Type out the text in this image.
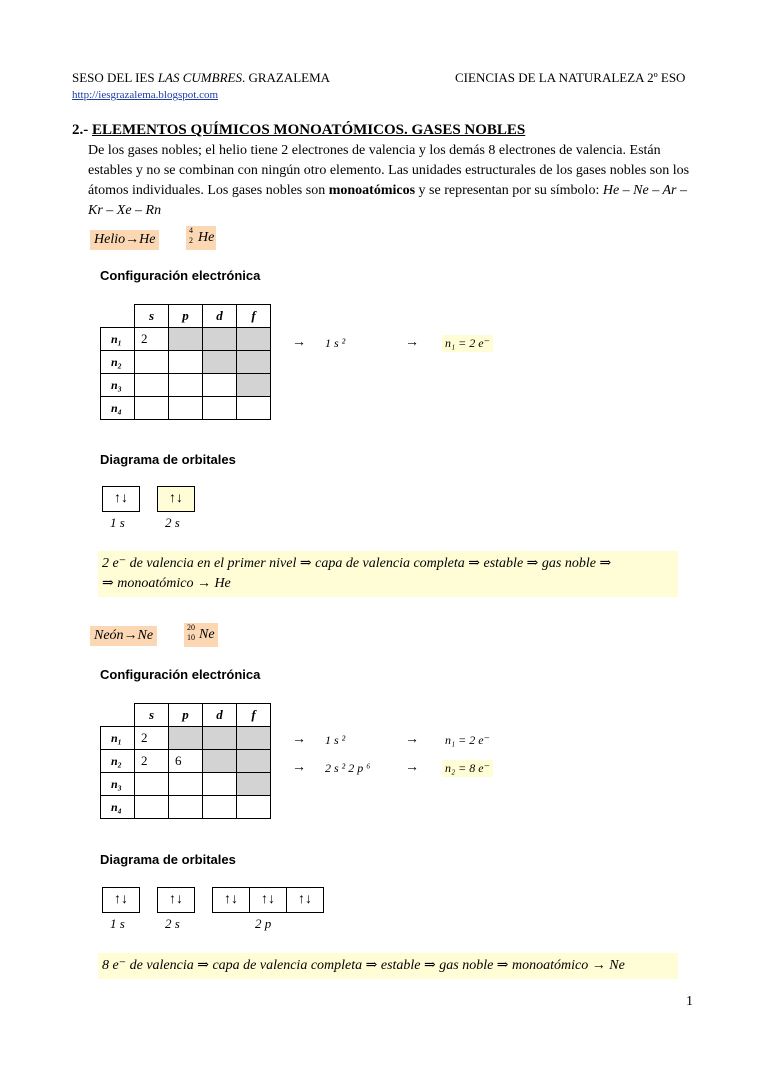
SESO DEL IES LAS CUMBRES. GRAZALEMA	CIENCIAS DE LA NATURALEZA 2º ESO
http://iesgrazalema.blogspot.com
2.- ELEMENTOS QUÍMICOS MONOATÓMICOS. GASES NOBLES
De los gases nobles; el helio tiene 2 electrones de valencia y los demás 8 electrones de valencia. Están estables y no se combinan con ningún otro elemento. Las unidades estructurales de los gases nobles son los átomos individuales. Los gases nobles son monoatómicos y se representan por su símbolo: He – Ne – Ar – Kr – Xe – Rn
Helio→He
4
2 He
Configuración electrónica
	s	p	d	f
n₁	2			
n₂				
n₃				
n₄				
→ 1 s ²	→ n₁ = 2 e⁻
Diagrama de orbitales
↑↓	↑↓
1 s	2 s
2 e⁻ de valencia en el primer nivel ⇒ capa de valencia completa ⇒ estable ⇒ gas noble ⇒
⇒ monoatómico → He
Neón→Ne
20
10 Ne
Configuración electrónica
	s	p	d	f
n₁	2			
n₂	2	6		
n₃				
n₄				
→ 1 s ²	→ n₁ = 2 e⁻
→ 2 s ² 2 p ⁶ → n₂ = 8 e⁻
Diagrama de orbitales
↑↓	↑↓	↑↓	↑↓	↑↓
1 s	2 s	2 p
8 e⁻ de valencia ⇒ capa de valencia completa ⇒ estable ⇒ gas noble ⇒ monoatómico → Ne
1
